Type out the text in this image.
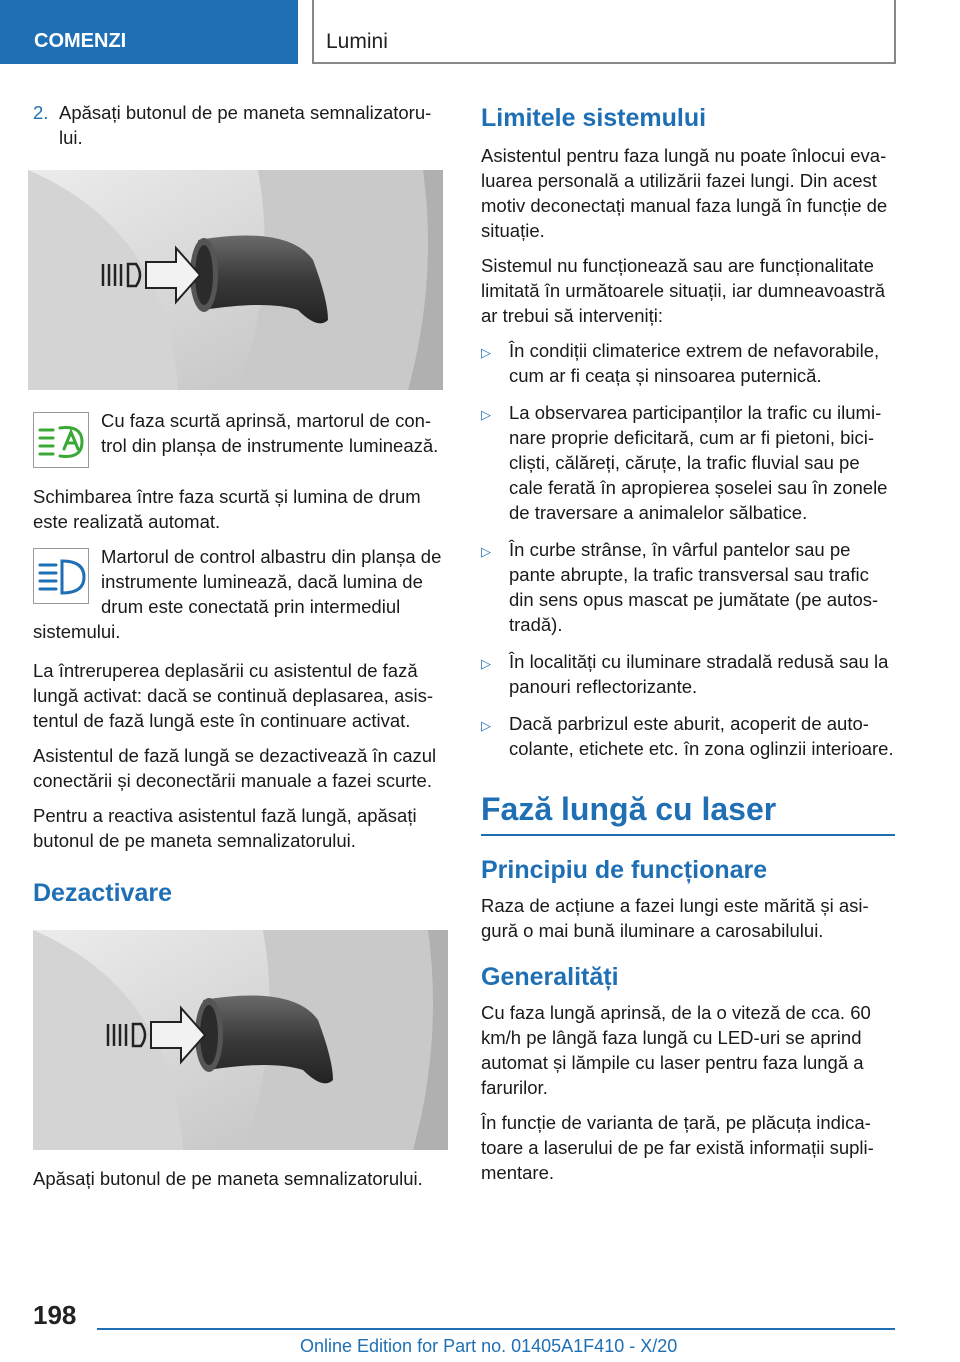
COMENZI	Lumini
2. Apăsați butonul de pe maneta semnalizatorului.

Cu faza scurtă aprinsă, martorul de control din planșa de instrumente luminează.

Schimbarea între faza scurtă și lumina de drum este realizată automat.

Martorul de control albastru din planșa de instrumente luminează, dacă lumina de drum este conectată prin intermediul sistemului.

La întreruperea deplasării cu asistentul de fază lungă activat: dacă se continuă deplasarea, asistentul de fază lungă este în continuare activat.

Asistentul de fază lungă se dezactivează în cazul conectării și deconectării manuale a fazei scurte.

Pentru a reactiva asistentul fază lungă, apăsați butonul de pe maneta semnalizatorului.

Dezactivare

Apăsați butonul de pe maneta semnalizatorului.

Limitele sistemului

Asistentul pentru faza lungă nu poate înlocui evaluarea personală a utilizării fazei lungi. Din acest motiv deconectați manual faza lungă în funcție de situație.

Sistemul nu funcționează sau are funcționalitate limitată în următoarele situații, iar dumneavoastră ar trebui să interveniți:

▷ În condiții climaterice extrem de nefavorabile, cum ar fi ceața și ninsoarea puternică.
▷ La observarea participanților la trafic cu iluminare proprie deficitară, cum ar fi pietoni, bicicliști, călăreți, căruțe, la trafic fluvial sau pe cale ferată în apropierea șoselei sau în zonele de traversare a animalelor sălbatice.
▷ În curbe strânse, în vârful pantelor sau pe pante abrupte, la trafic transversal sau trafic din sens opus mascat pe jumătate (pe autostradă).
▷ În localități cu iluminare stradală redusă sau la panouri reflectorizante.
▷ Dacă parbrizul este aburit, acoperit de autocolante, etichete etc. în zona oglinzii interioare.
Fază lungă cu laser
Principiu de funcționare

Raza de acțiune a fazei lungi este mărită și asigură o mai bună iluminare a carosabilului.

Generalități

Cu faza lungă aprinsă, de la o viteză de cca. 60 km/h pe lângă faza lungă cu LED-uri se aprind automat și lămpile cu laser pentru faza lungă a farurilor.

În funcție de varianta de țară, pe plăcuța indicatoare a laserului de pe far există informații suplimentare.

198
Online Edition for Part no. 01405A1F410 - X/20
